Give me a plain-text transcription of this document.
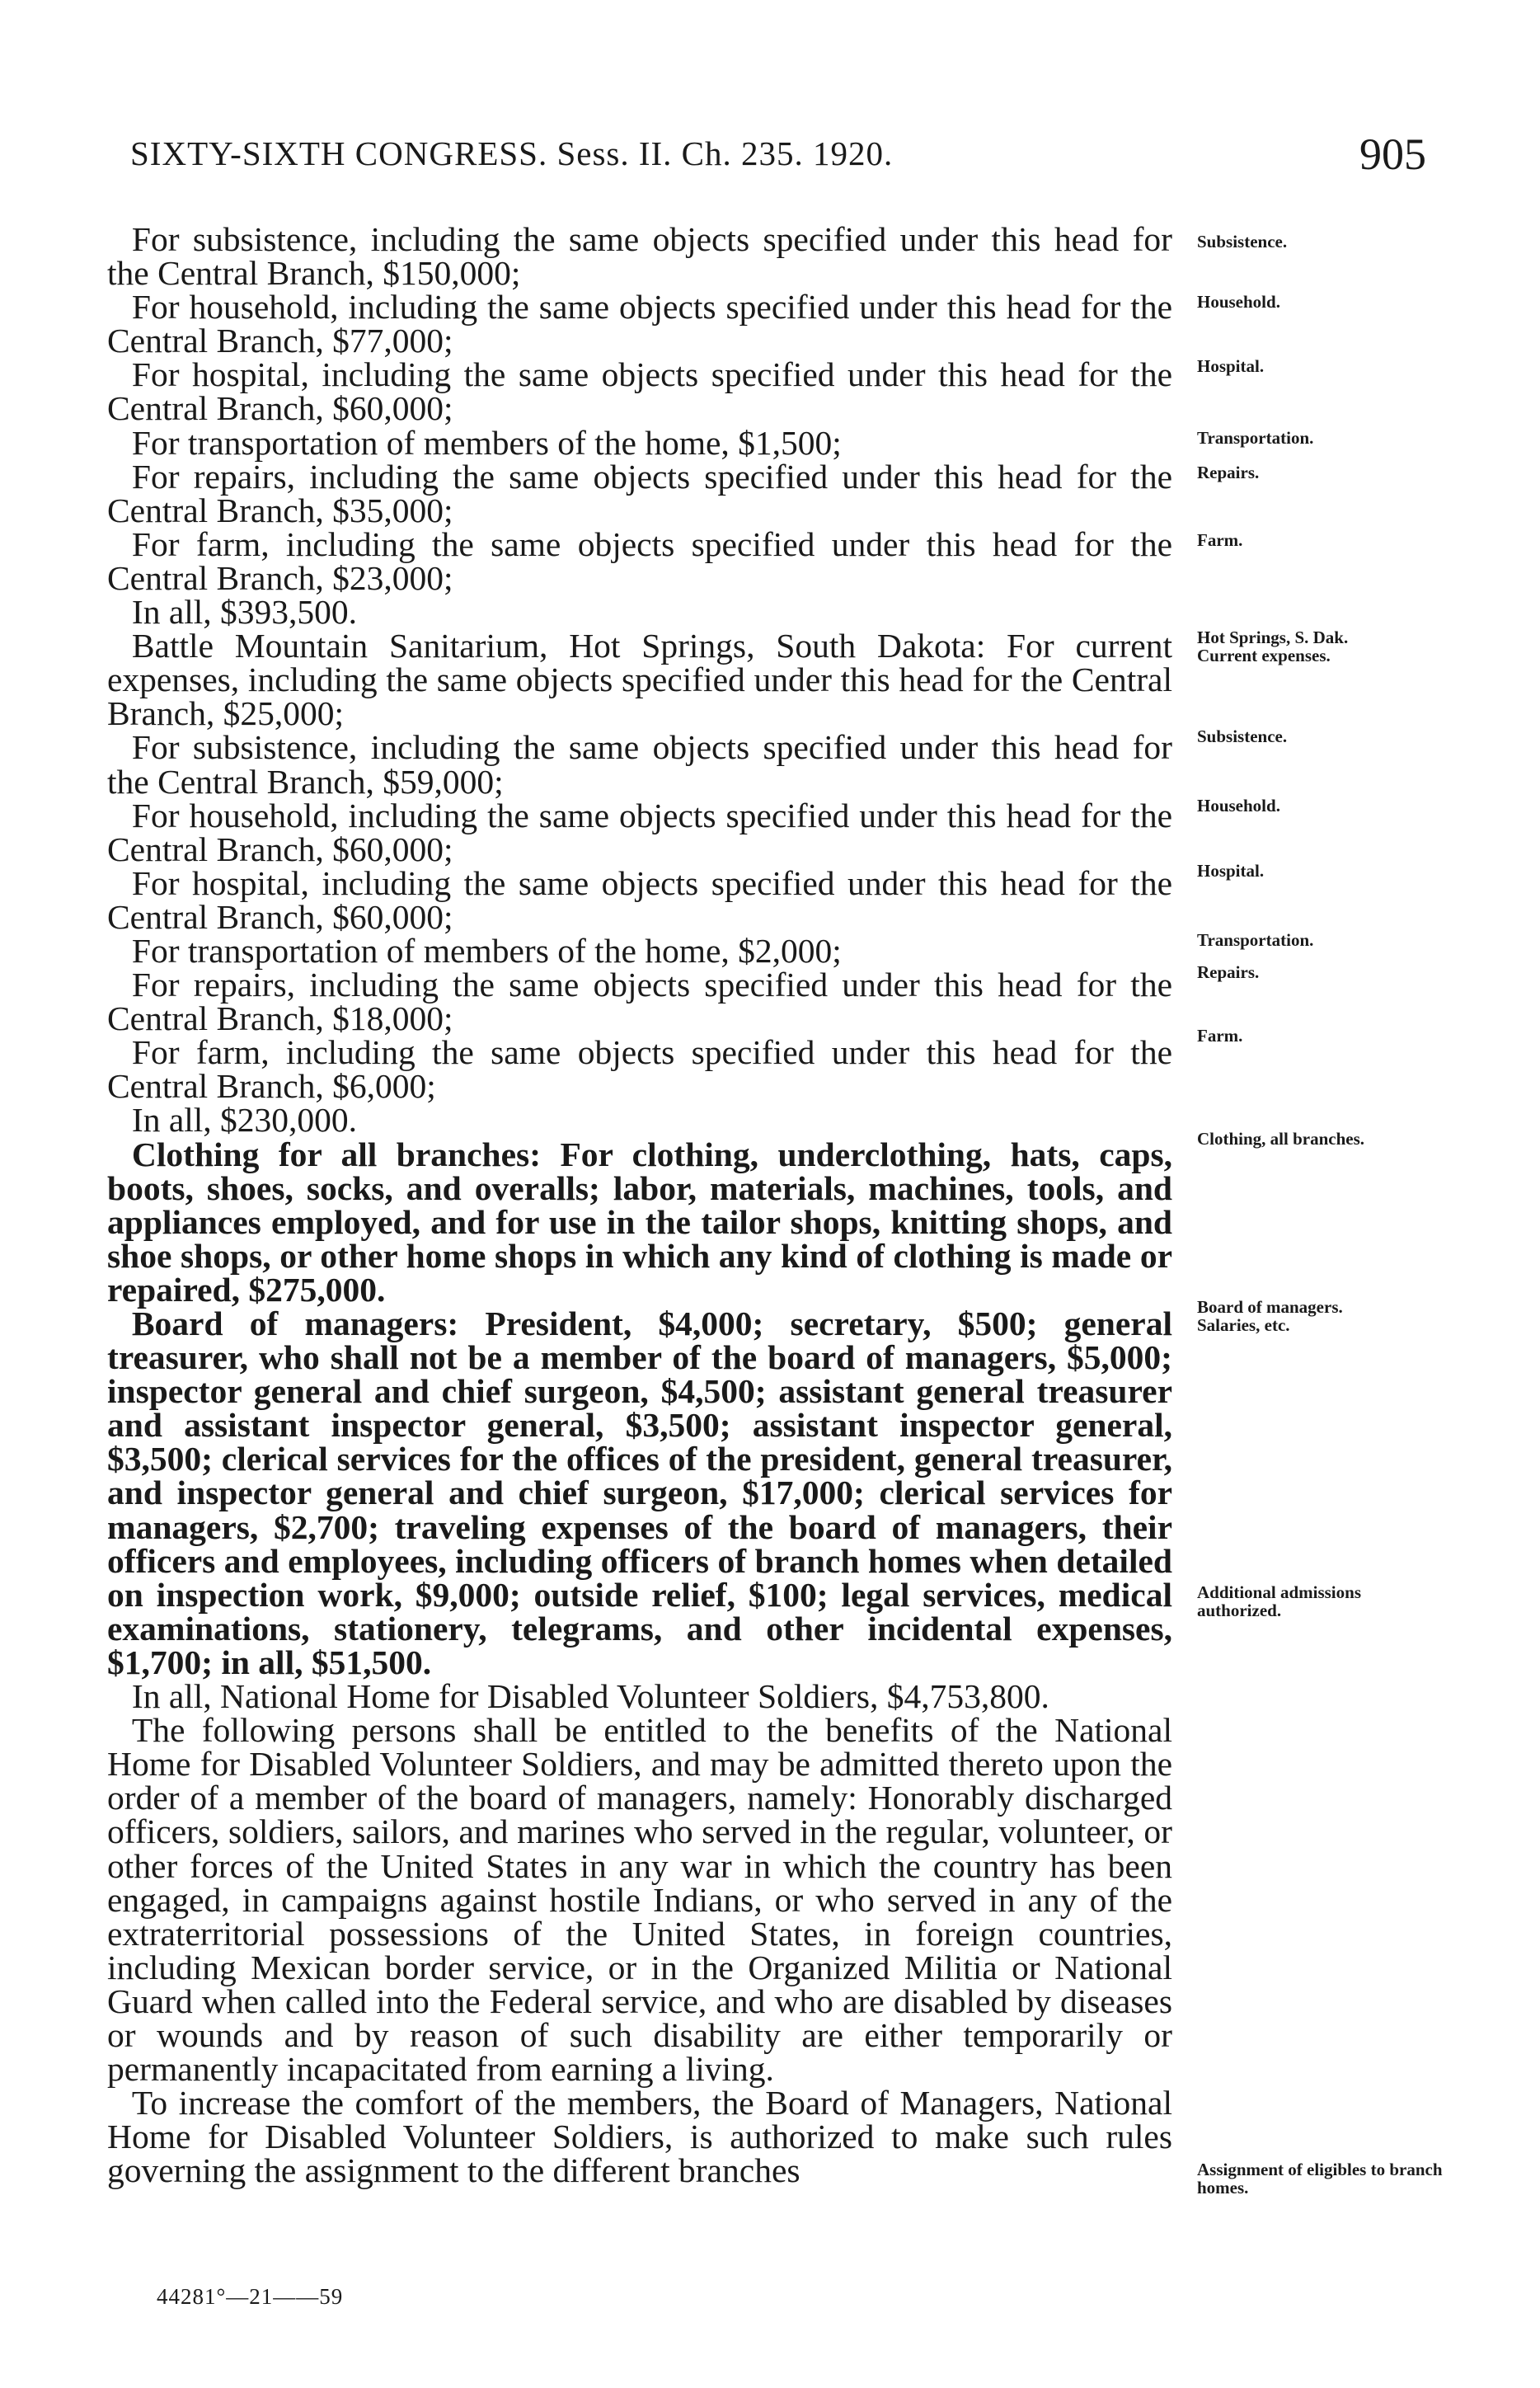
SIXTY-SIXTH CONGRESS. Sess. II. Ch. 235. 1920.	905

For subsistence, including the same objects specified under this head for the Central Branch, $150,000;

For household, including the same objects specified under this head for the Central Branch, $77,000;

For hospital, including the same objects specified under this head for the Central Branch, $60,000;

For transportation of members of the home, $1,500;

For repairs, including the same objects specified under this head for the Central Branch, $35,000;

For farm, including the same objects specified under this head for the Central Branch, $23,000;

In all, $393,500.

Battle Mountain Sanitarium, Hot Springs, South Dakota: For current expenses, including the same objects specified under this head for the Central Branch, $25,000;

For subsistence, including the same objects specified under this head for the Central Branch, $59,000;

For household, including the same objects specified under this head for the Central Branch, $60,000;

For hospital, including the same objects specified under this head for the Central Branch, $60,000;

For transportation of members of the home, $2,000;

For repairs, including the same objects specified under this head for the Central Branch, $18,000;

For farm, including the same objects specified under this head for the Central Branch, $6,000;

In all, $230,000.

Clothing for all branches: For clothing, underclothing, hats, caps, boots, shoes, socks, and overalls; labor, materials, machines, tools, and appliances employed, and for use in the tailor shops, knitting shops, and shoe shops, or other home shops in which any kind of clothing is made or repaired, $275,000.

Board of managers: President, $4,000; secretary, $500; general treasurer, who shall not be a member of the board of managers, $5,000; inspector general and chief surgeon, $4,500; assistant general treasurer and assistant inspector general, $3,500; assistant inspector general, $3,500; clerical services for the offices of the president, general treasurer, and inspector general and chief surgeon, $17,000; clerical services for managers, $2,700; traveling expenses of the board of managers, their officers and employees, including officers of branch homes when detailed on inspection work, $9,000; outside relief, $100; legal services, medical examinations, stationery, telegrams, and other incidental expenses, $1,700; in all, $51,500.

In all, National Home for Disabled Volunteer Soldiers, $4,753,800.

The following persons shall be entitled to the benefits of the National Home for Disabled Volunteer Soldiers, and may be admitted thereto upon the order of a member of the board of managers, namely: Honorably discharged officers, soldiers, sailors, and marines who served in the regular, volunteer, or other forces of the United States in any war in which the country has been engaged, in campaigns against hostile Indians, or who served in any of the extraterritorial possessions of the United States, in foreign countries, including Mexican border service, or in the Organized Militia or National Guard when called into the Federal service, and who are disabled by diseases or wounds and by reason of such disability are either temporarily or permanently incapacitated from earning a living.

To increase the comfort of the members, the Board of Managers, National Home for Disabled Volunteer Soldiers, is authorized to make such rules governing the assignment to the different branches

Subsistence.
Household.
Hospital.
Transportation.
Repairs.
Farm.
Hot Springs, S. Dak. Current expenses.
Subsistence.
Household.
Hospital.
Transportation.
Repairs.
Farm.
Clothing, all branches.
Board of managers. Salaries, etc.
Additional admissions authorized.
Assignment of eligibles to branch homes.
44281°—21——59
